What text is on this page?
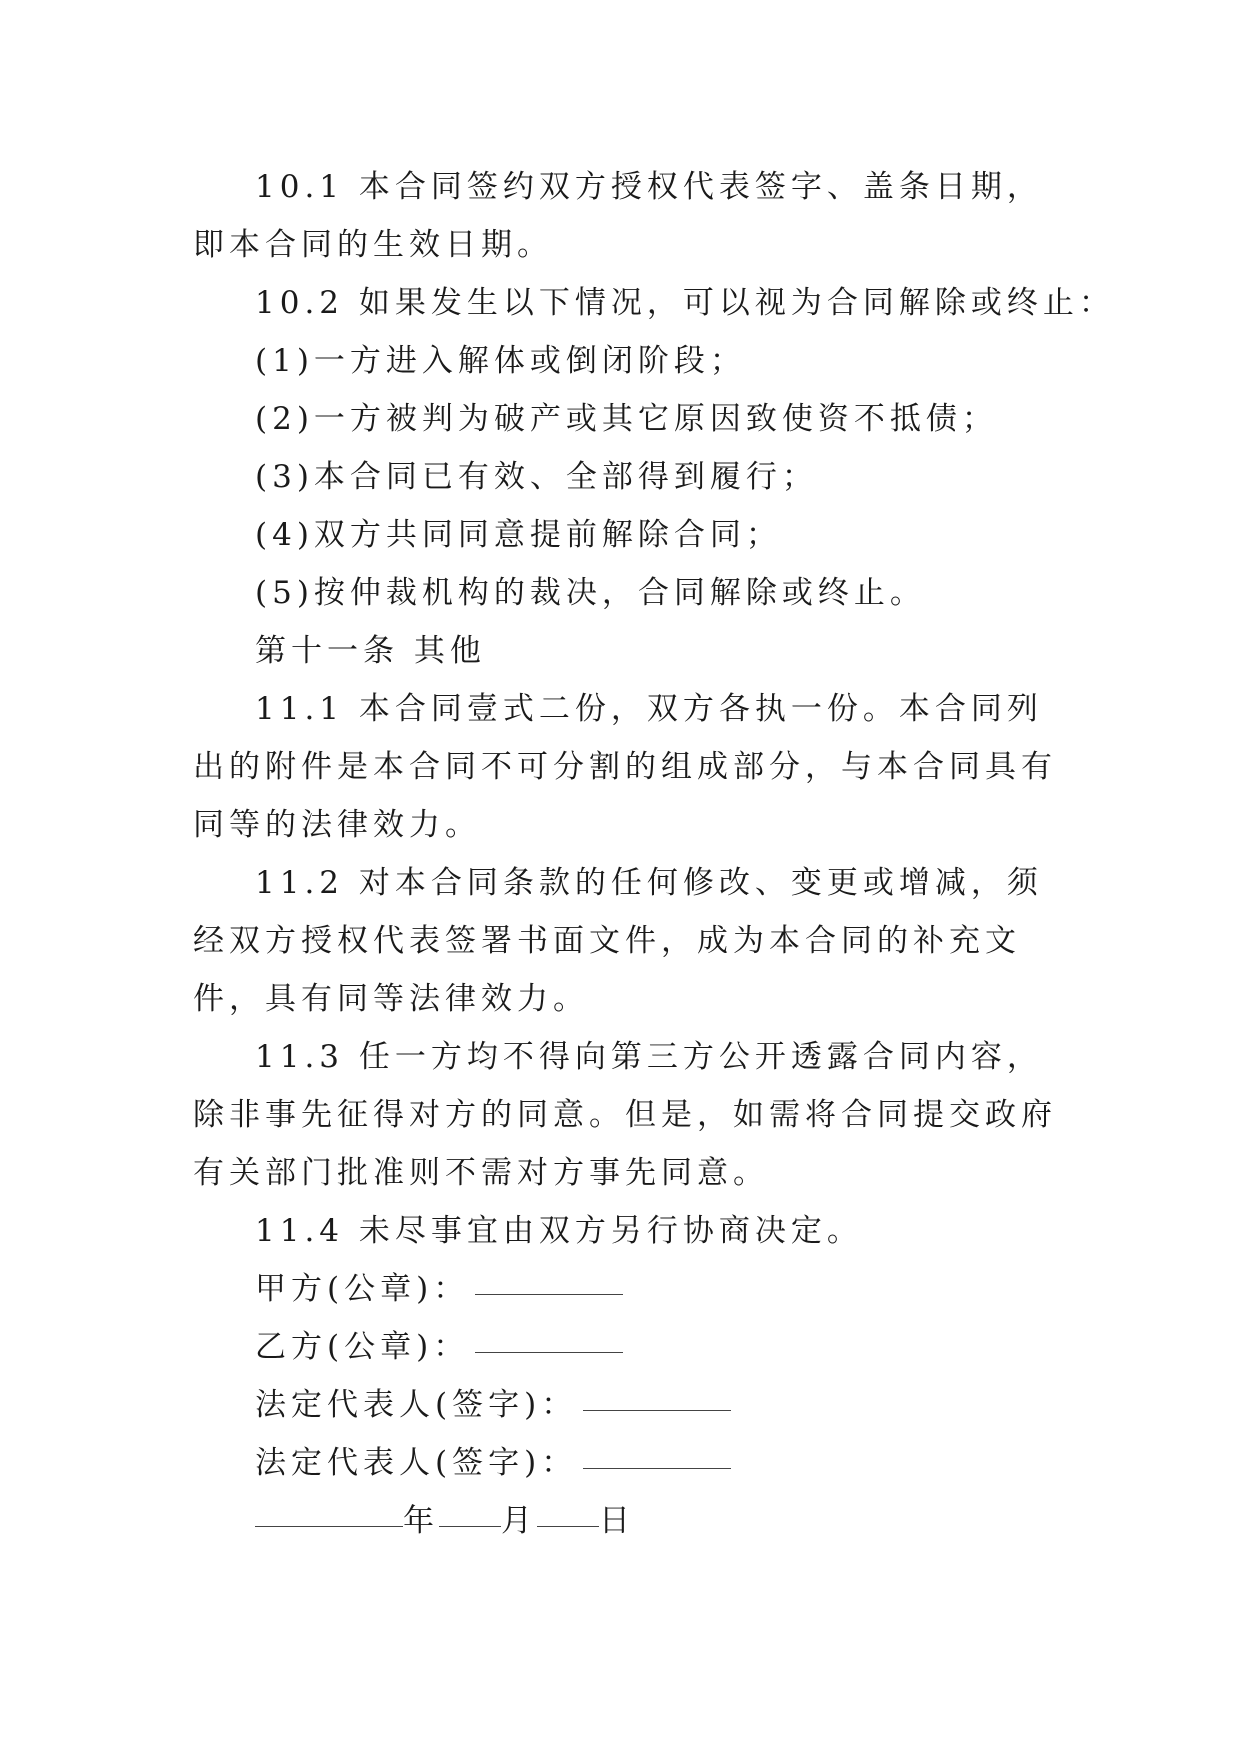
10.1 本合同签约双方授权代表签字、盖条日期，即本合同的生效日期。

10.2 如果发生以下情况，可以视为合同解除或终止：

(1)一方进入解体或倒闭阶段；

(2)一方被判为破产或其它原因致使资不抵债；

(3)本合同已有效、全部得到履行；

(4)双方共同同意提前解除合同；

(5)按仲裁机构的裁决，合同解除或终止。

第十一条 其他

11.1 本合同壹式二份，双方各执一份。本合同列出的附件是本合同不可分割的组成部分，与本合同具有同等的法律效力。

11.2 对本合同条款的任何修改、变更或增减，须经双方授权代表签署书面文件，成为本合同的补充文件，具有同等法律效力。

11.3 任一方均不得向第三方公开透露合同内容，除非事先征得对方的同意。但是，如需将合同提交政府有关部门批准则不需对方事先同意。

11.4 未尽事宜由双方另行协商决定。

甲方(公章)：

乙方(公章)：

法定代表人(签字)：

法定代表人(签字)：

年 月 日
